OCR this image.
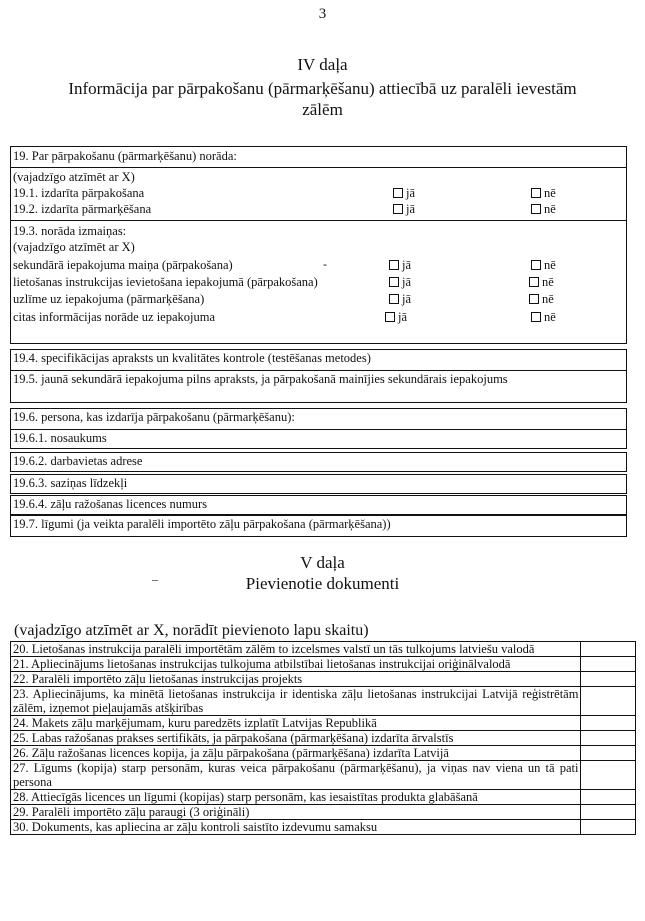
3
IV daļa
Informācija par pārpakošanu (pārmarķēšanu) attiecībā uz paralēli ievestām
zālēm
19. Par pārpakošanu (pārmarķēšanu) norāda:
(vajadzīgo atzīmēt ar X)
19.1. izdarīta pārpakošana	jā	nē
19.2. izdarīta pārmarķēšana	jā	nē
19.3. norāda izmaiņas:
(vajadzīgo atzīmēt ar X)
sekundārā iepakojuma maiņa (pārpakošana)	-	jā	nē
lietošanas instrukcijas ievietošana iepakojumā (pārpakošana)	jā	nē
uzlīme uz iepakojuma (pārmarķēšana)	jā	nē
citas informācijas norāde uz iepakojuma	jā	nē
19.4. specifikācijas apraksts un kvalitātes kontrole (testēšanas metodes)
19.5. jaunā sekundārā iepakojuma pilns apraksts, ja pārpakošanā mainījies sekundārais iepakojums
19.6. persona, kas izdarīja pārpakošanu (pārmarķēšanu):
19.6.1. nosaukums
19.6.2. darbavietas adrese
19.6.3. saziņas līdzekļi
19.6.4. zāļu ražošanas licences numurs
19.7. līgumi (ja veikta paralēli importēto zāļu pārpakošana (pārmarķēšana))
V daļa
–	Pievienotie dokumenti
(vajadzīgo atzīmēt ar X, norādīt pievienoto lapu skaitu)
20. Lietošanas instrukcija paralēli importētām zālēm to izcelsmes valstī un tās tulkojums latviešu valodā	
21. Apliecinājums lietošanas instrukcijas tulkojuma atbilstībai lietošanas instrukcijai oriģinālvalodā	
22. Paralēli importēto zāļu lietošanas instrukcijas projekts	
23. Apliecinājums, ka minētā lietošanas instrukcija ir identiska zāļu lietošanas instrukcijai Latvijā reģistrētām zālēm, izņemot pieļaujamās atšķirības	
24. Makets zāļu marķējumam, kuru paredzēts izplatīt Latvijas Republikā	
25. Labas ražošanas prakses sertifikāts, ja pārpakošana (pārmarķēšana) izdarīta ārvalstīs	
26. Zāļu ražošanas licences kopija, ja zāļu pārpakošana (pārmarķēšana) izdarīta Latvijā	
27. Līgums (kopija) starp personām, kuras veica pārpakošanu (pārmarķēšanu), ja viņas nav viena un tā pati persona	
28. Attiecīgās licences un līgumi (kopijas) starp personām, kas iesaistītas produkta glabāšanā	
29. Paralēli importēto zāļu paraugi (3 oriģināli)	
30. Dokuments, kas apliecina ar zāļu kontroli saistīto izdevumu samaksu	
